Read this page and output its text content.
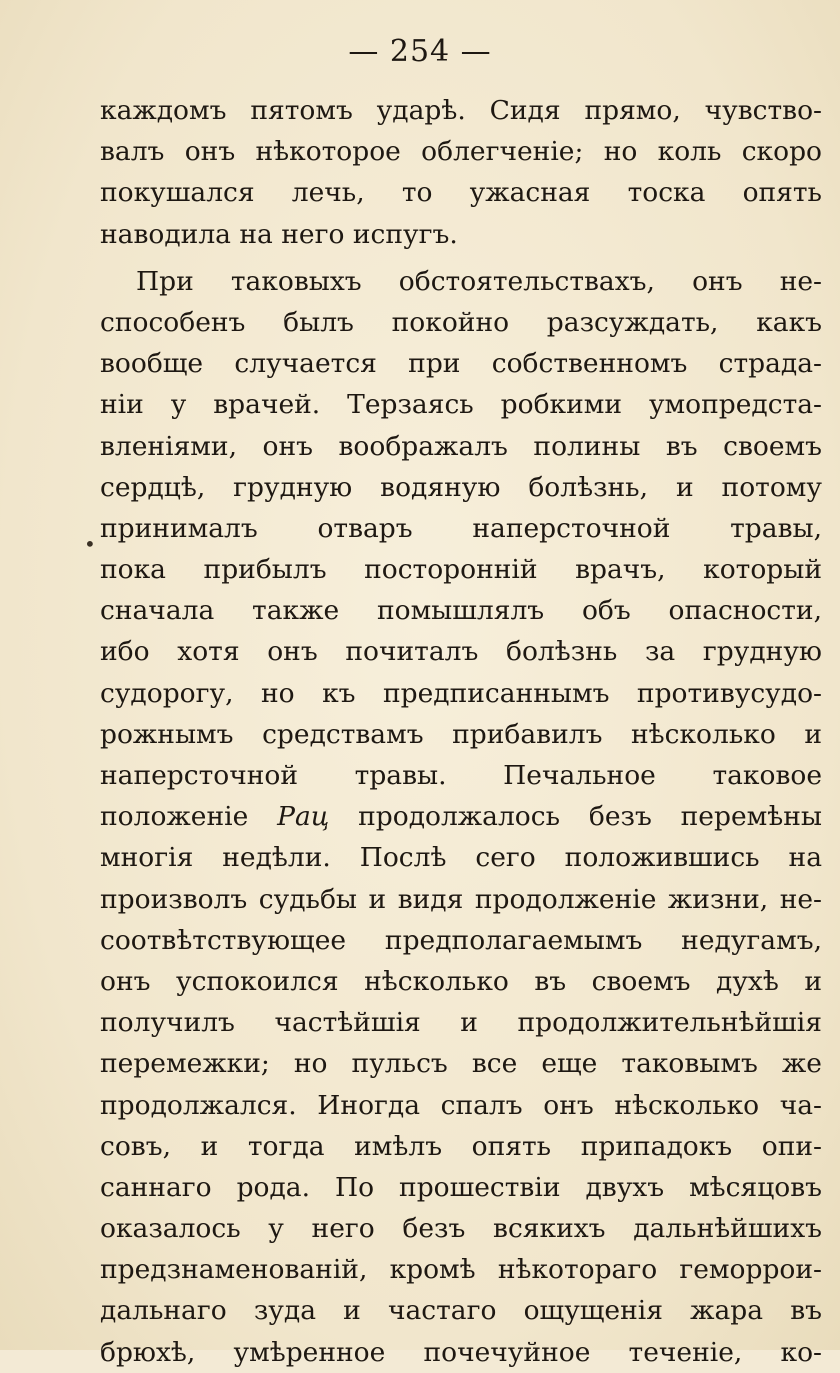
— 254 —
•
каждомъ пятомъ ударѣ. Сидя прямо, чувство-
валъ онъ нѣкоторое облегченіе; но коль скоро
покушался лечь, то ужасная тоска опять
наводила на него испугъ.
При таковыхъ обстоятельствахъ, онъ не-
способенъ былъ покойно разсуждать, какъ
вообще случается при собственномъ страда-
ніи у врачей. Терзаясь робкими умопредста-
вленіями, онъ воображалъ полины въ своемъ
сердцѣ, грудную водяную болѣзнь, и потому
принималъ отваръ наперсточной травы,
пока прибылъ посторонній врачъ, который
сначала также помышлялъ объ опасности,
ибо хотя онъ почиталъ болѣзнь за грудную
судорогу, но къ предписаннымъ противусудо-
рожнымъ средствамъ прибавилъ нѣсколько и
наперсточной травы. Печальное таковое
положеніе Рац продолжалось безъ перемѣны
многія недѣли. Послѣ сего положившись на
произволъ судьбы и видя продолженіе жизни, не-
соотвѣтствующее предполагаемымъ недугамъ,
онъ успокоился нѣсколько въ своемъ духѣ и
получилъ частѣйшія и продолжительнѣйшія
перемежки; но пульсъ все еще таковымъ же
продолжался. Иногда спалъ онъ нѣсколько ча-
совъ, и тогда имѣлъ опять припадокъ опи-
саннаго рода. По прошествіи двухъ мѣсяцовъ
оказалось у него безъ всякихъ дальнѣйшихъ
предзнаменованій, кромѣ нѣкотораго геморрои-
дальнаго зуда и частаго ощущенія жара въ
брюхѣ, умѣренное почечуйное теченіе, ко-
